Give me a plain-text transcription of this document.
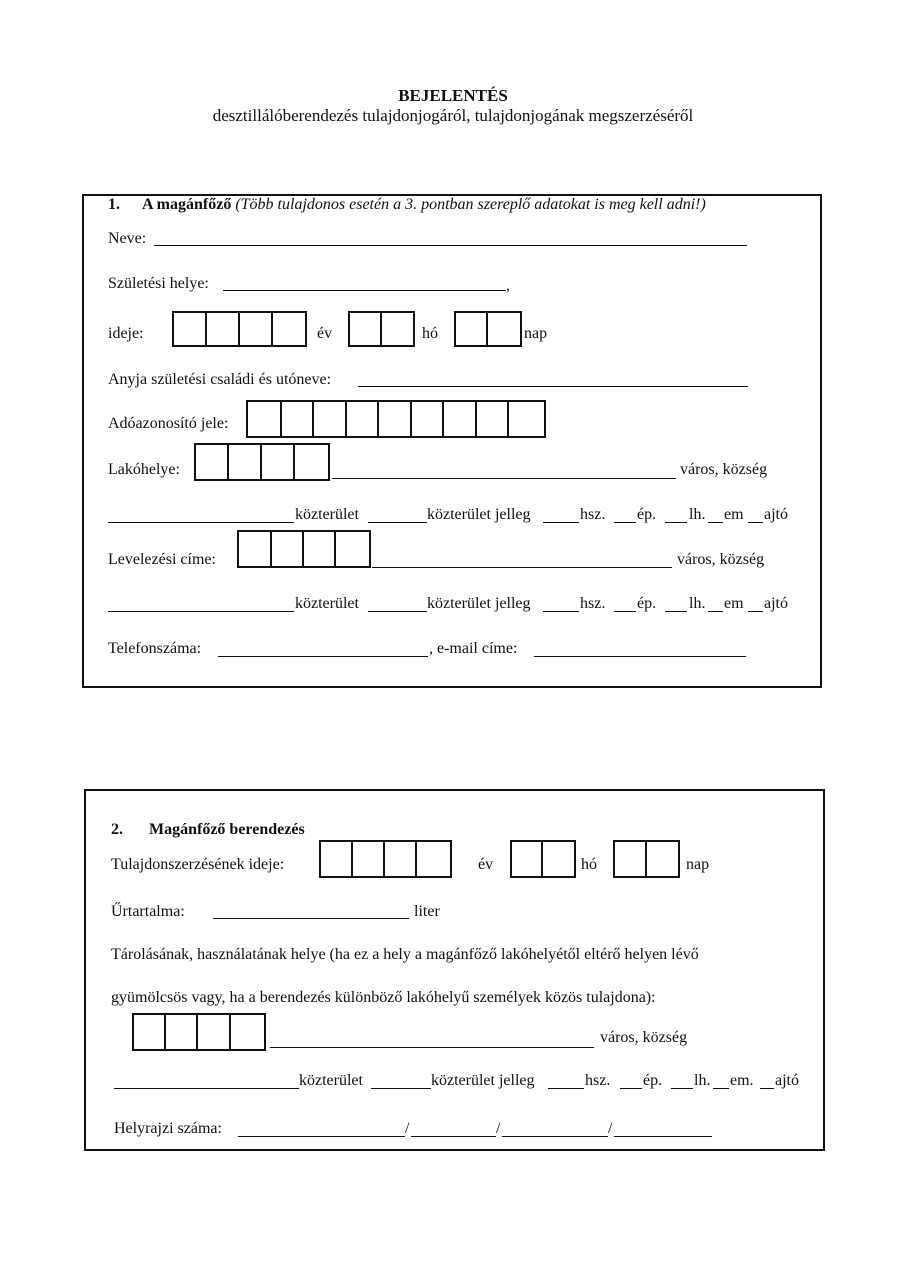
BEJELENTÉS
desztillálóberendezés tulajdonjogáról, tulajdonjogának megszerzéséről
1. A magánfőző (Több tulajdonos esetén a 3. pontban szereplő adatokat is meg kell adni!)
Neve:
Születési helye:	,
ideje:	év	hó	nap
Anyja születési családi és utóneve:
Adóazonosító jele:
Lakóhelye:	város, község
közterület	közterület jelleg	hsz. ép. lh. em ajtó
Levelezési címe:	város, község
közterület	közterület jelleg	hsz. ép. lh. em ajtó
Telefonszáma:	, e-mail címe:
2. Magánfőző berendezés
Tulajdonszerzésének ideje:	év	hó	nap
Űrtartalma:	liter
Tárolásának, használatának helye (ha ez a hely a magánfőző lakóhelyétől eltérő helyen lévő
gyümölcsös vagy, ha a berendezés különböző lakóhelyű személyek közös tulajdona):
város, község
közterület	közterület jelleg	hsz. ép. lh. em. ajtó
Helyrajzi száma:	/	/	/
